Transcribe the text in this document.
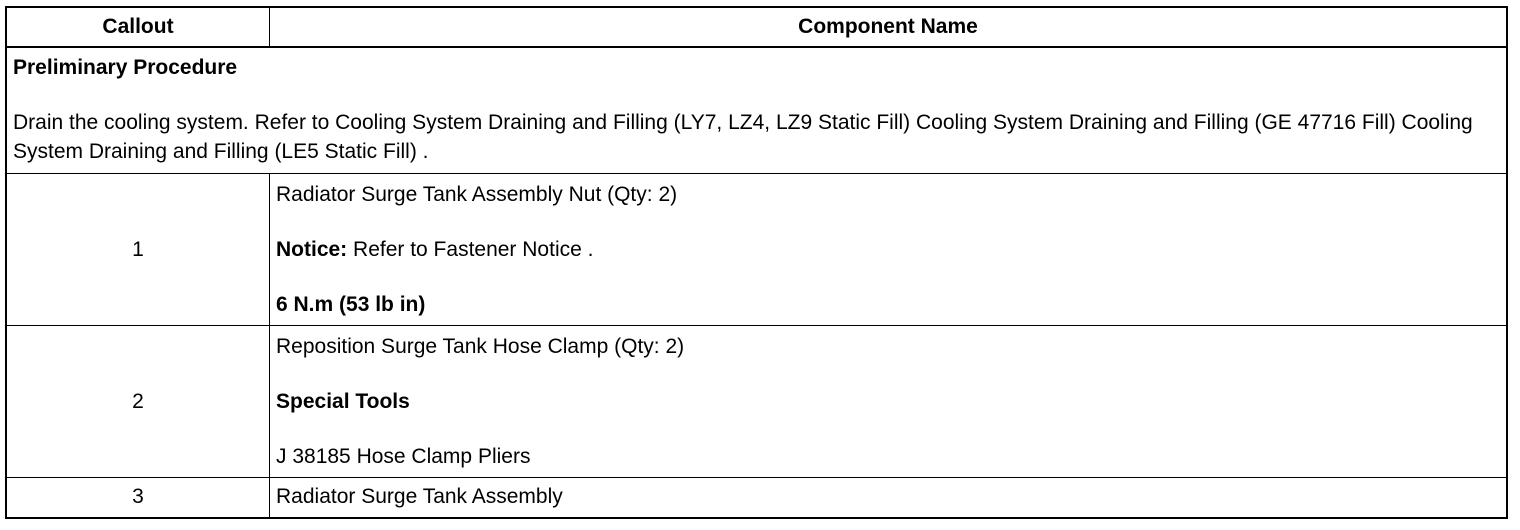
Callout	Component Name

Preliminary Procedure

Drain the cooling system. Refer to Cooling System Draining and Filling (LY7, LZ4, LZ9 Static Fill) Cooling System Draining and Filling (GE 47716 Fill) Cooling System Draining and Filling (LE5 Static Fill) .	

1	Radiator Surge Tank Assembly Nut (Qty: 2)

Notice: Refer to Fastener Notice .

6 N.m (53 lb in)

2	Reposition Surge Tank Hose Clamp (Qty: 2)

Special Tools

J 38185 Hose Clamp Pliers

3	Radiator Surge Tank Assembly
